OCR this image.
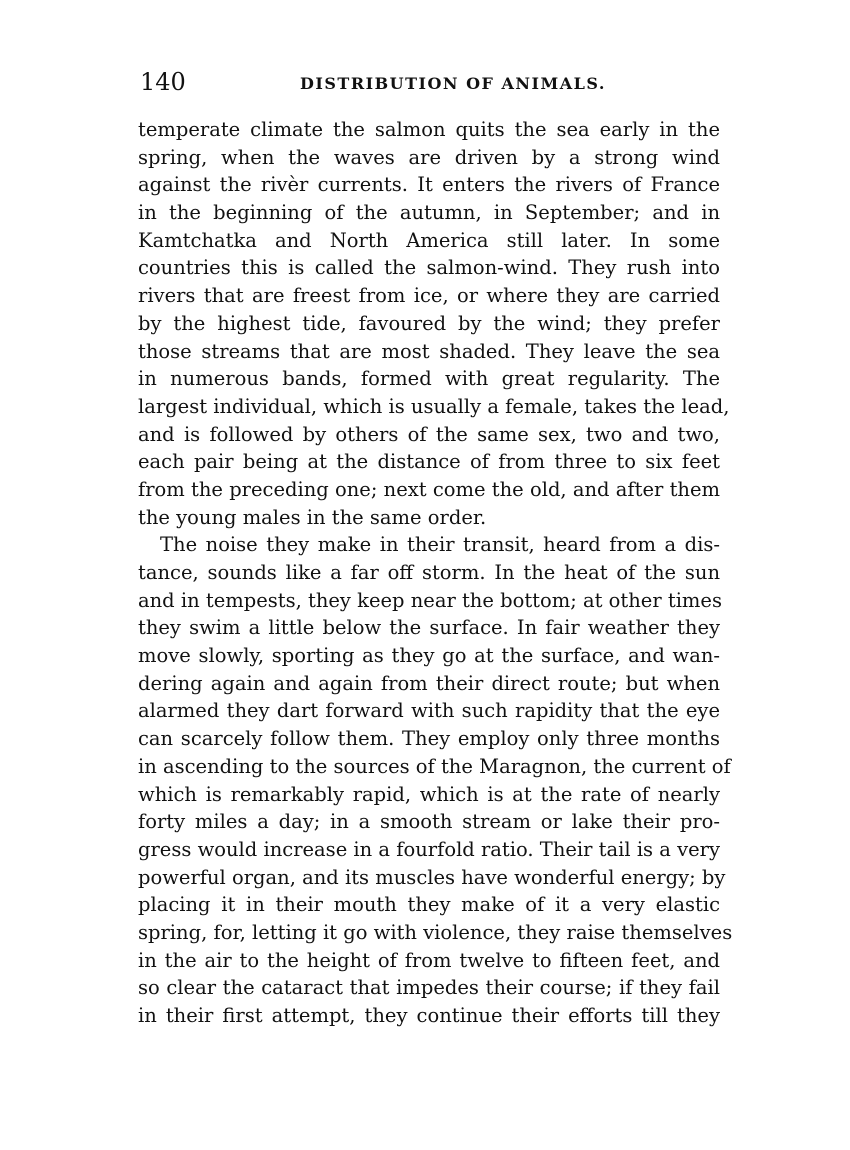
140	DISTRIBUTION OF ANIMALS.
temperate climate the salmon quits the sea early in the
spring, when the waves are driven by a strong wind
against the rivèr currents. It enters the rivers of France
in the beginning of the autumn, in September; and in
Kamtchatka and North America still later. In some
countries this is called the salmon-wind. They rush into
rivers that are freest from ice, or where they are carried
by the highest tide, favoured by the wind; they prefer
those streams that are most shaded. They leave the sea
in numerous bands, formed with great regularity. The
largest individual, which is usually a female, takes the lead,
and is followed by others of the same sex, two and two,
each pair being at the distance of from three to six feet
from the preceding one; next come the old, and after them
the young males in the same order.
The noise they make in their transit, heard from a dis-
tance, sounds like a far off storm. In the heat of the sun
and in tempests, they keep near the bottom; at other times
they swim a little below the surface. In fair weather they
move slowly, sporting as they go at the surface, and wan-
dering again and again from their direct route; but when
alarmed they dart forward with such rapidity that the eye
can scarcely follow them. They employ only three months
in ascending to the sources of the Maragnon, the current of
which is remarkably rapid, which is at the rate of nearly
forty miles a day; in a smooth stream or lake their pro-
gress would increase in a fourfold ratio. Their tail is a very
powerful organ, and its muscles have wonderful energy; by
placing it in their mouth they make of it a very elastic
spring, for, letting it go with violence, they raise themselves
in the air to the height of from twelve to fifteen feet, and
so clear the cataract that impedes their course; if they fail
in their first attempt, they continue their efforts till they
